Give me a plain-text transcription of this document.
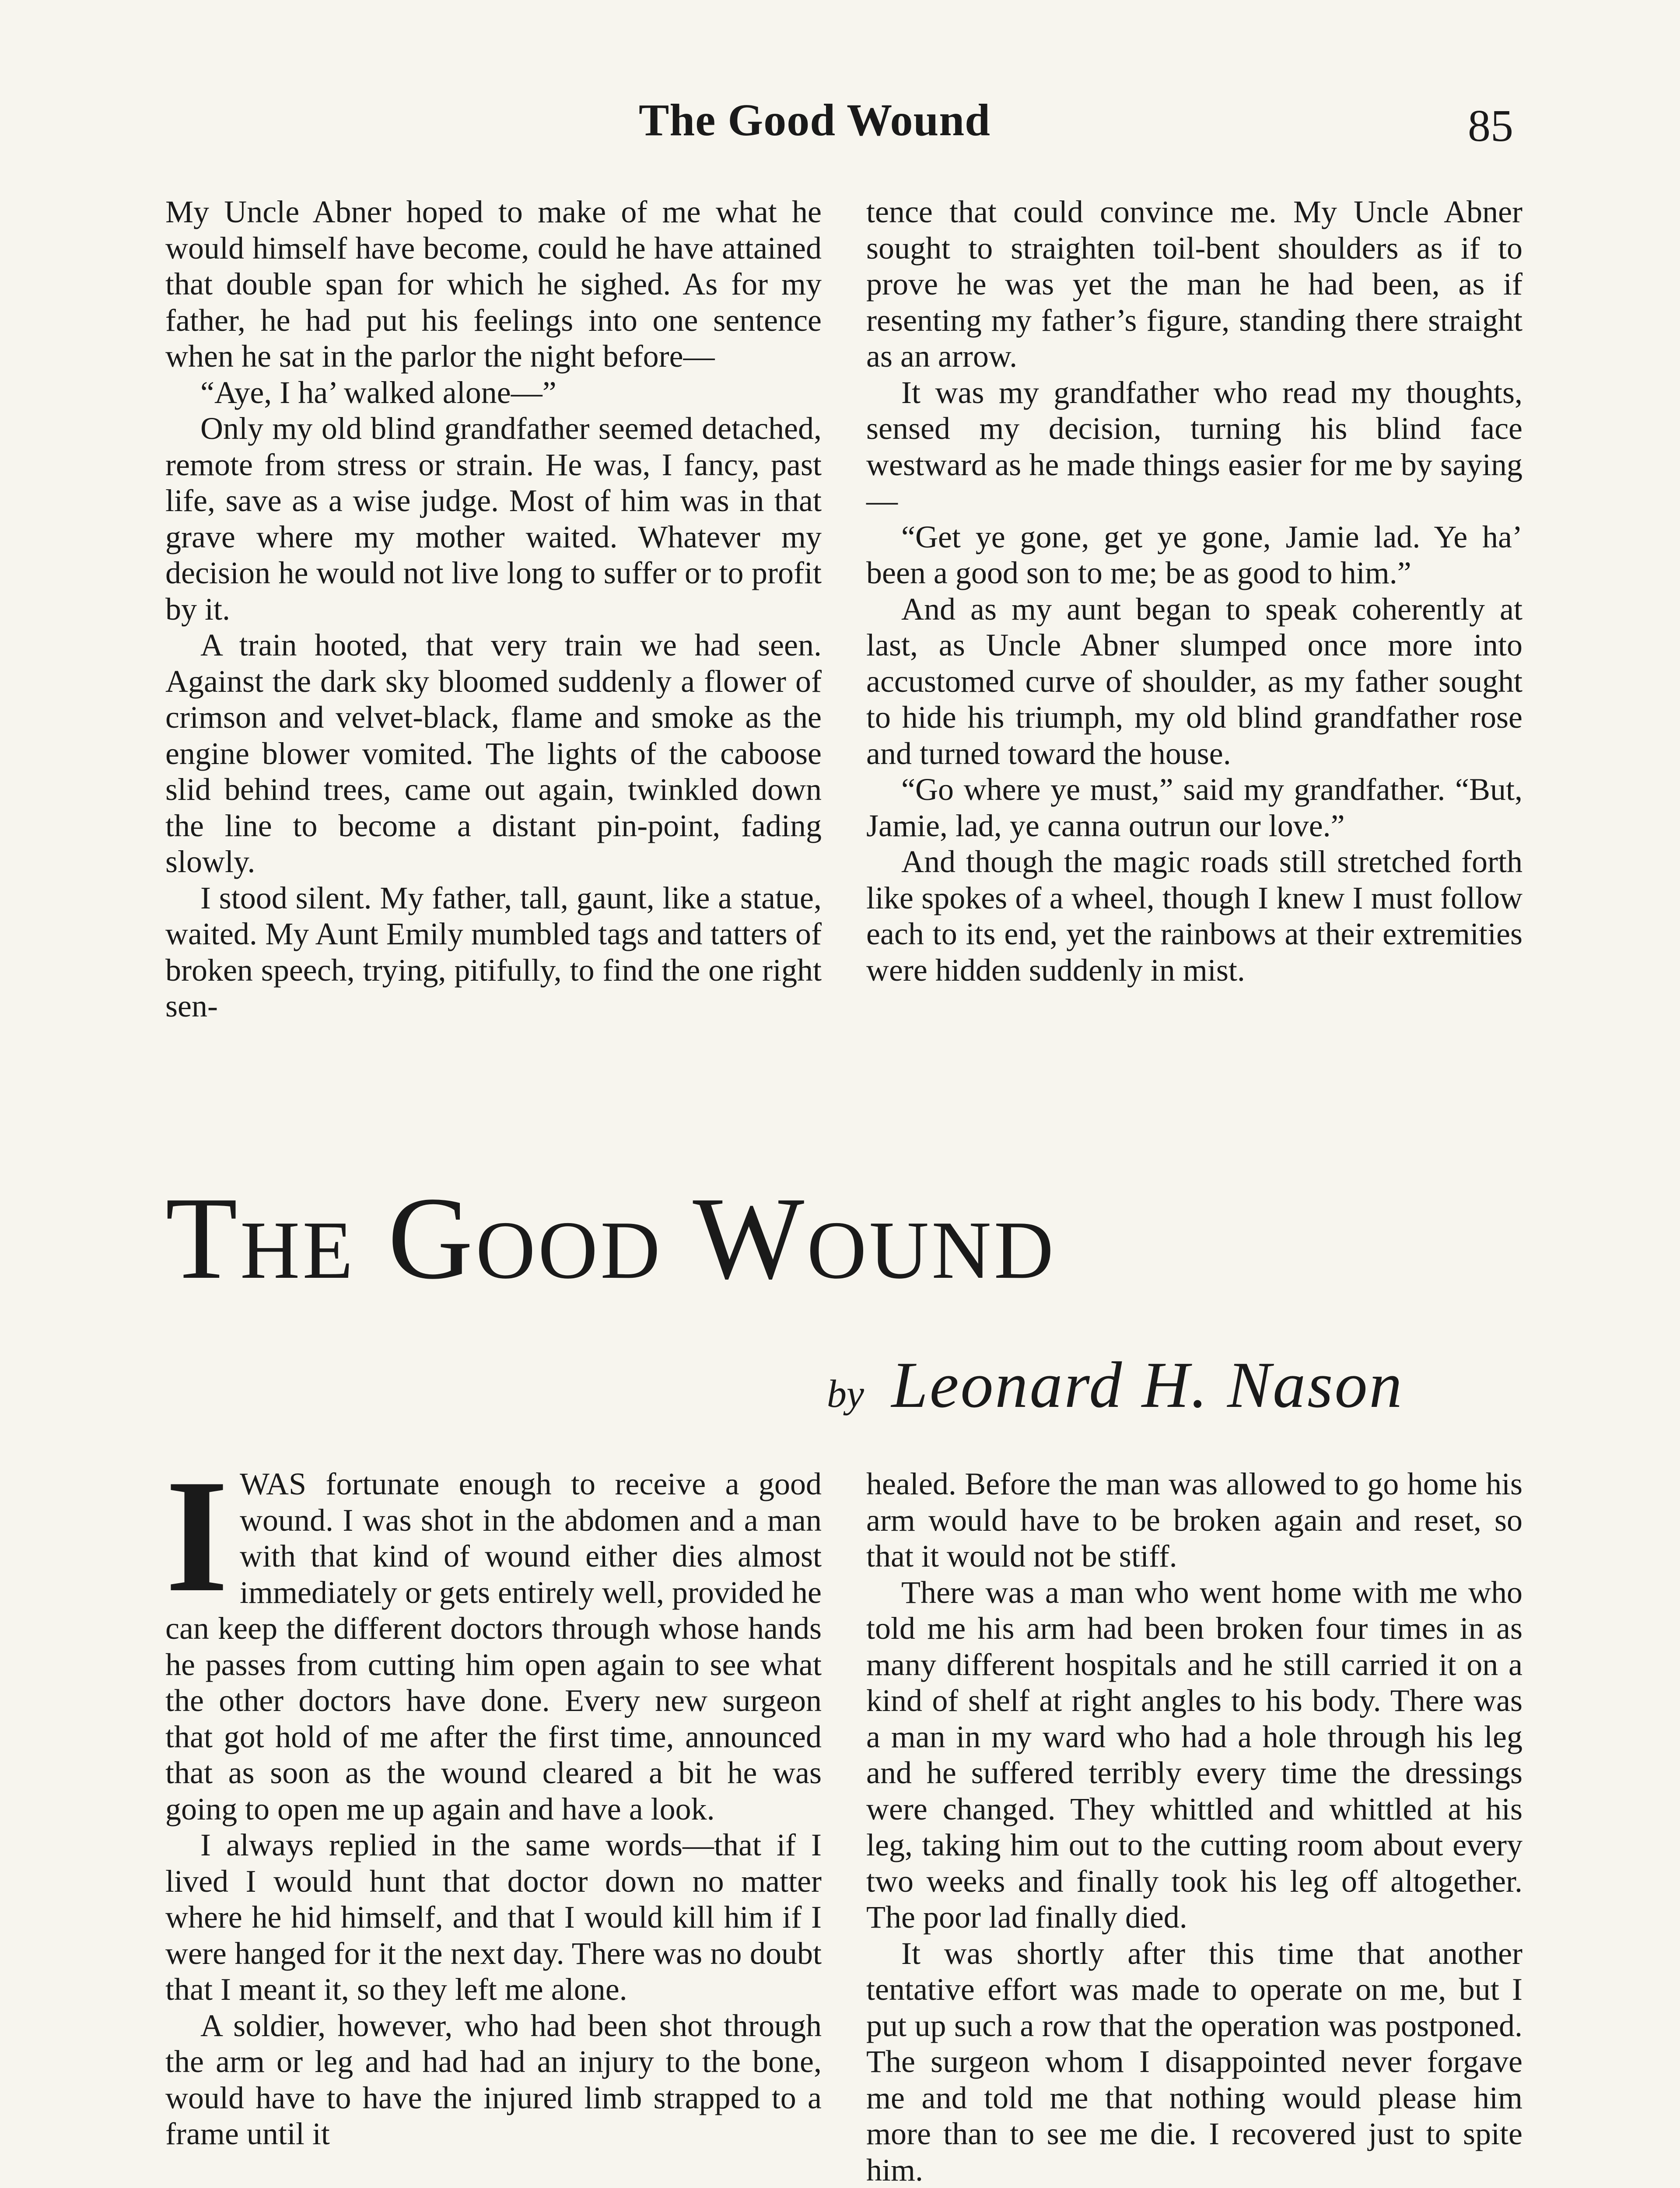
The Good Wound	85

My Uncle Abner hoped to make of me what he would himself have become, could he have attained that double span for which he sighed. As for my father, he had put his feelings into one sentence when he sat in the parlor the night before—

“Aye, I ha’ walked alone—”

Only my old blind grandfather seemed detached, remote from stress or strain. He was, I fancy, past life, save as a wise judge. Most of him was in that grave where my mother waited. Whatever my decision he would not live long to suffer or to profit by it.

A train hooted, that very train we had seen. Against the dark sky bloomed suddenly a flower of crimson and velvet-black, flame and smoke as the engine blower vomited. The lights of the caboose slid behind trees, came out again, twinkled down the line to become a distant pin-point, fading slowly.

I stood silent. My father, tall, gaunt, like a statue, waited. My Aunt Emily mumbled tags and tatters of broken speech, trying, pitifully, to find the one right sen-

tence that could convince me. My Uncle Abner sought to straighten toil-bent shoulders as if to prove he was yet the man he had been, as if resenting my father’s figure, standing there straight as an arrow.

It was my grandfather who read my thoughts, sensed my decision, turning his blind face westward as he made things easier for me by saying—

“Get ye gone, get ye gone, Jamie lad. Ye ha’ been a good son to me; be as good to him.”

And as my aunt began to speak coherently at last, as Uncle Abner slumped once more into accustomed curve of shoulder, as my father sought to hide his triumph, my old blind grandfather rose and turned toward the house.

“Go where ye must,” said my grandfather. “But, Jamie, lad, ye canna outrun our love.”

And though the magic roads still stretched forth like spokes of a wheel, though I knew I must follow each to its end, yet the rainbows at their extremities were hidden suddenly in mist.

The Good Wound
by Leonard H. Nason
I WAS fortunate enough to receive a good wound. I was shot in the abdomen and a man with that kind of wound either dies almost immediately or gets entirely well, provided he can keep the different doctors through whose hands he passes from cutting him open again to see what the other doctors have done. Every new surgeon that got hold of me after the first time, announced that as soon as the wound cleared a bit he was going to open me up again and have a look.

I always replied in the same words—that if I lived I would hunt that doctor down no matter where he hid himself, and that I would kill him if I were hanged for it the next day. There was no doubt that I meant it, so they left me alone.

A soldier, however, who had been shot through the arm or leg and had had an injury to the bone, would have to have the injured limb strapped to a frame until it

healed. Before the man was allowed to go home his arm would have to be broken again and reset, so that it would not be stiff.

There was a man who went home with me who told me his arm had been broken four times in as many different hospitals and he still carried it on a kind of shelf at right angles to his body. There was a man in my ward who had a hole through his leg and he suffered terribly every time the dressings were changed. They whittled and whittled at his leg, taking him out to the cutting room about every two weeks and finally took his leg off altogether. The poor lad finally died.

It was shortly after this time that another tentative effort was made to operate on me, but I put up such a row that the operation was postponed. The surgeon whom I disappointed never forgave me and told me that nothing would please him more than to see me die. I recovered just to spite him.
